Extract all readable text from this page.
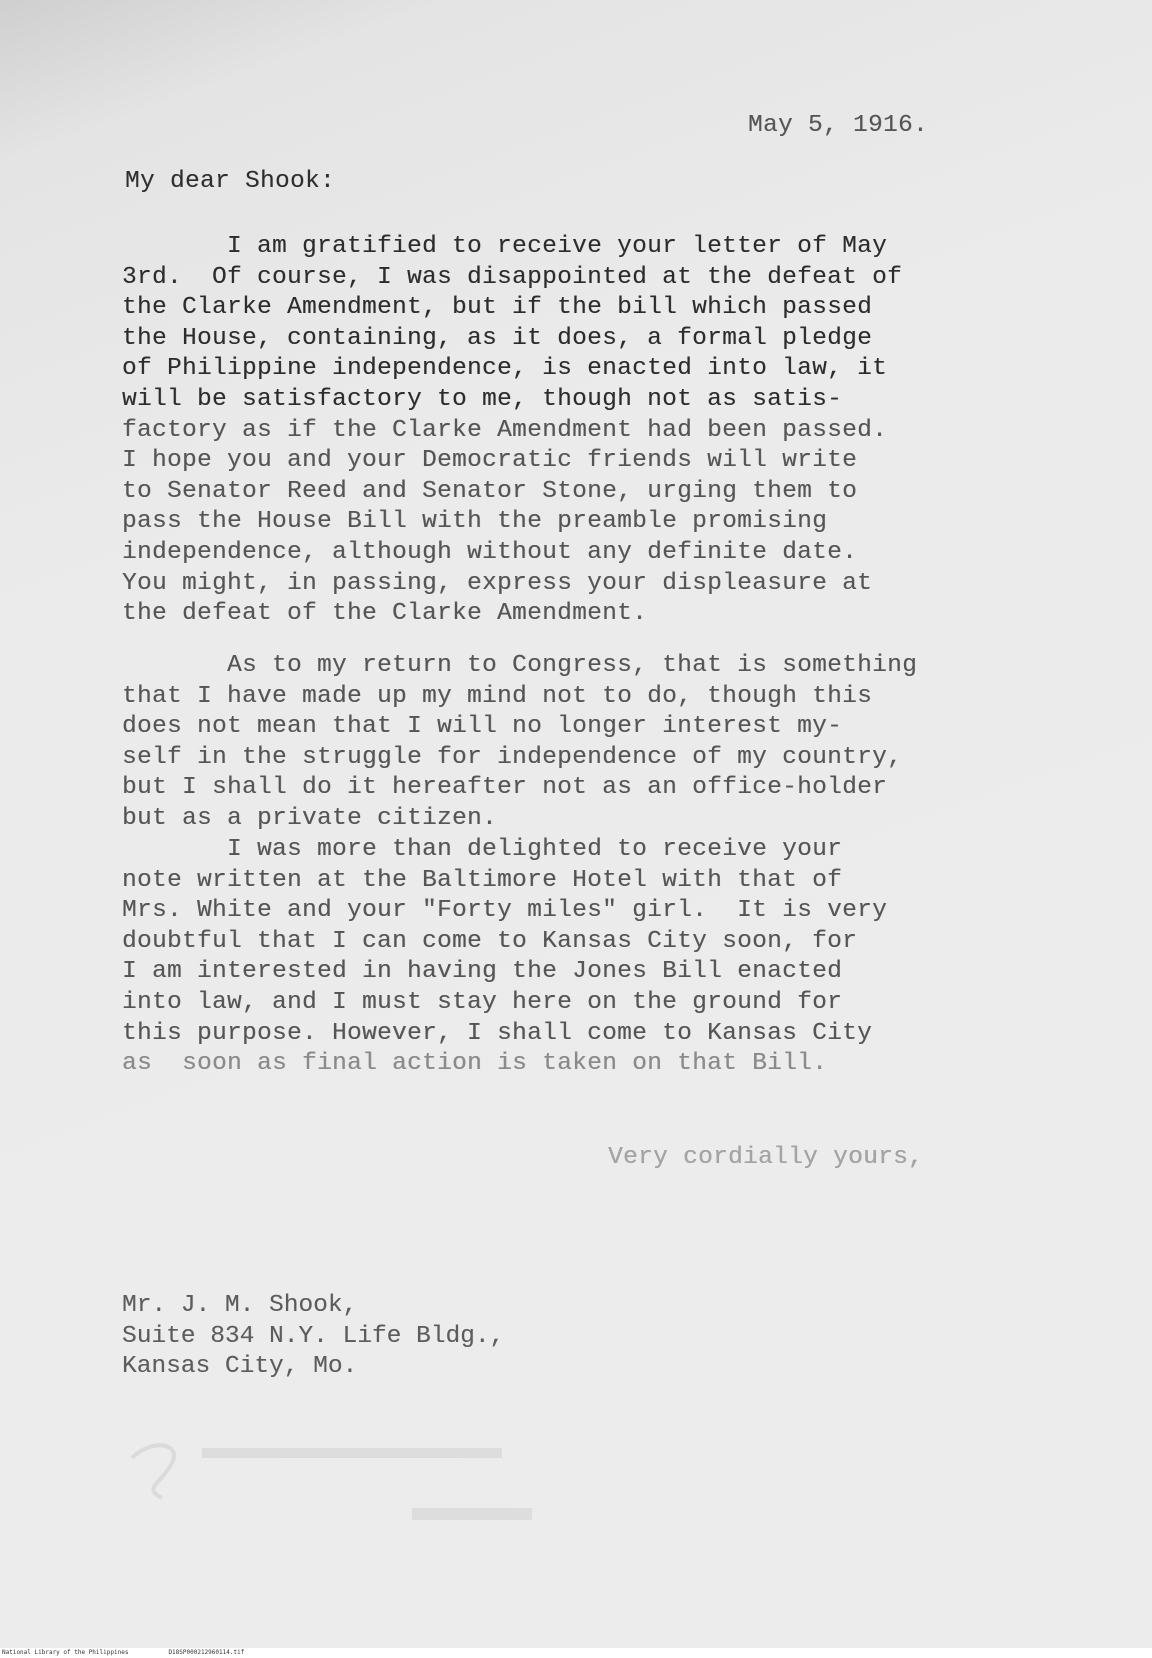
May 5, 1916.
My dear Shook:
I am gratified to receive your letter of May
3rd.  Of course, I was disappointed at the defeat of
the Clarke Amendment, but if the bill which passed
the House, containing, as it does, a formal pledge
of Philippine independence, is enacted into law, it
will be satisfactory to me, though not as satis-
factory as if the Clarke Amendment had been passed.
I hope you and your Democratic friends will write
to Senator Reed and Senator Stone, urging them to
pass the House Bill with the preamble promising
independence, although without any definite date.
You might, in passing, express your displeasure at
the defeat of the Clarke Amendment.
As to my return to Congress, that is something
that I have made up my mind not to do, though this
does not mean that I will no longer interest my-
self in the struggle for independence of my country,
but I shall do it hereafter not as an office-holder
but as a private citizen.
I was more than delighted to receive your
note written at the Baltimore Hotel with that of
Mrs. White and your "Forty miles" girl.  It is very
doubtful that I can come to Kansas City soon, for
I am interested in having the Jones Bill enacted
into law, and I must stay here on the ground for
this purpose. However, I shall come to Kansas City
as  soon as final action is taken on that Bill.
Very cordially yours,
Mr. J. M. Shook,
Suite 834 N.Y. Life Bldg.,
Kansas City, Mo.
National Library of the Philippines	D18SP000212960114.tif
